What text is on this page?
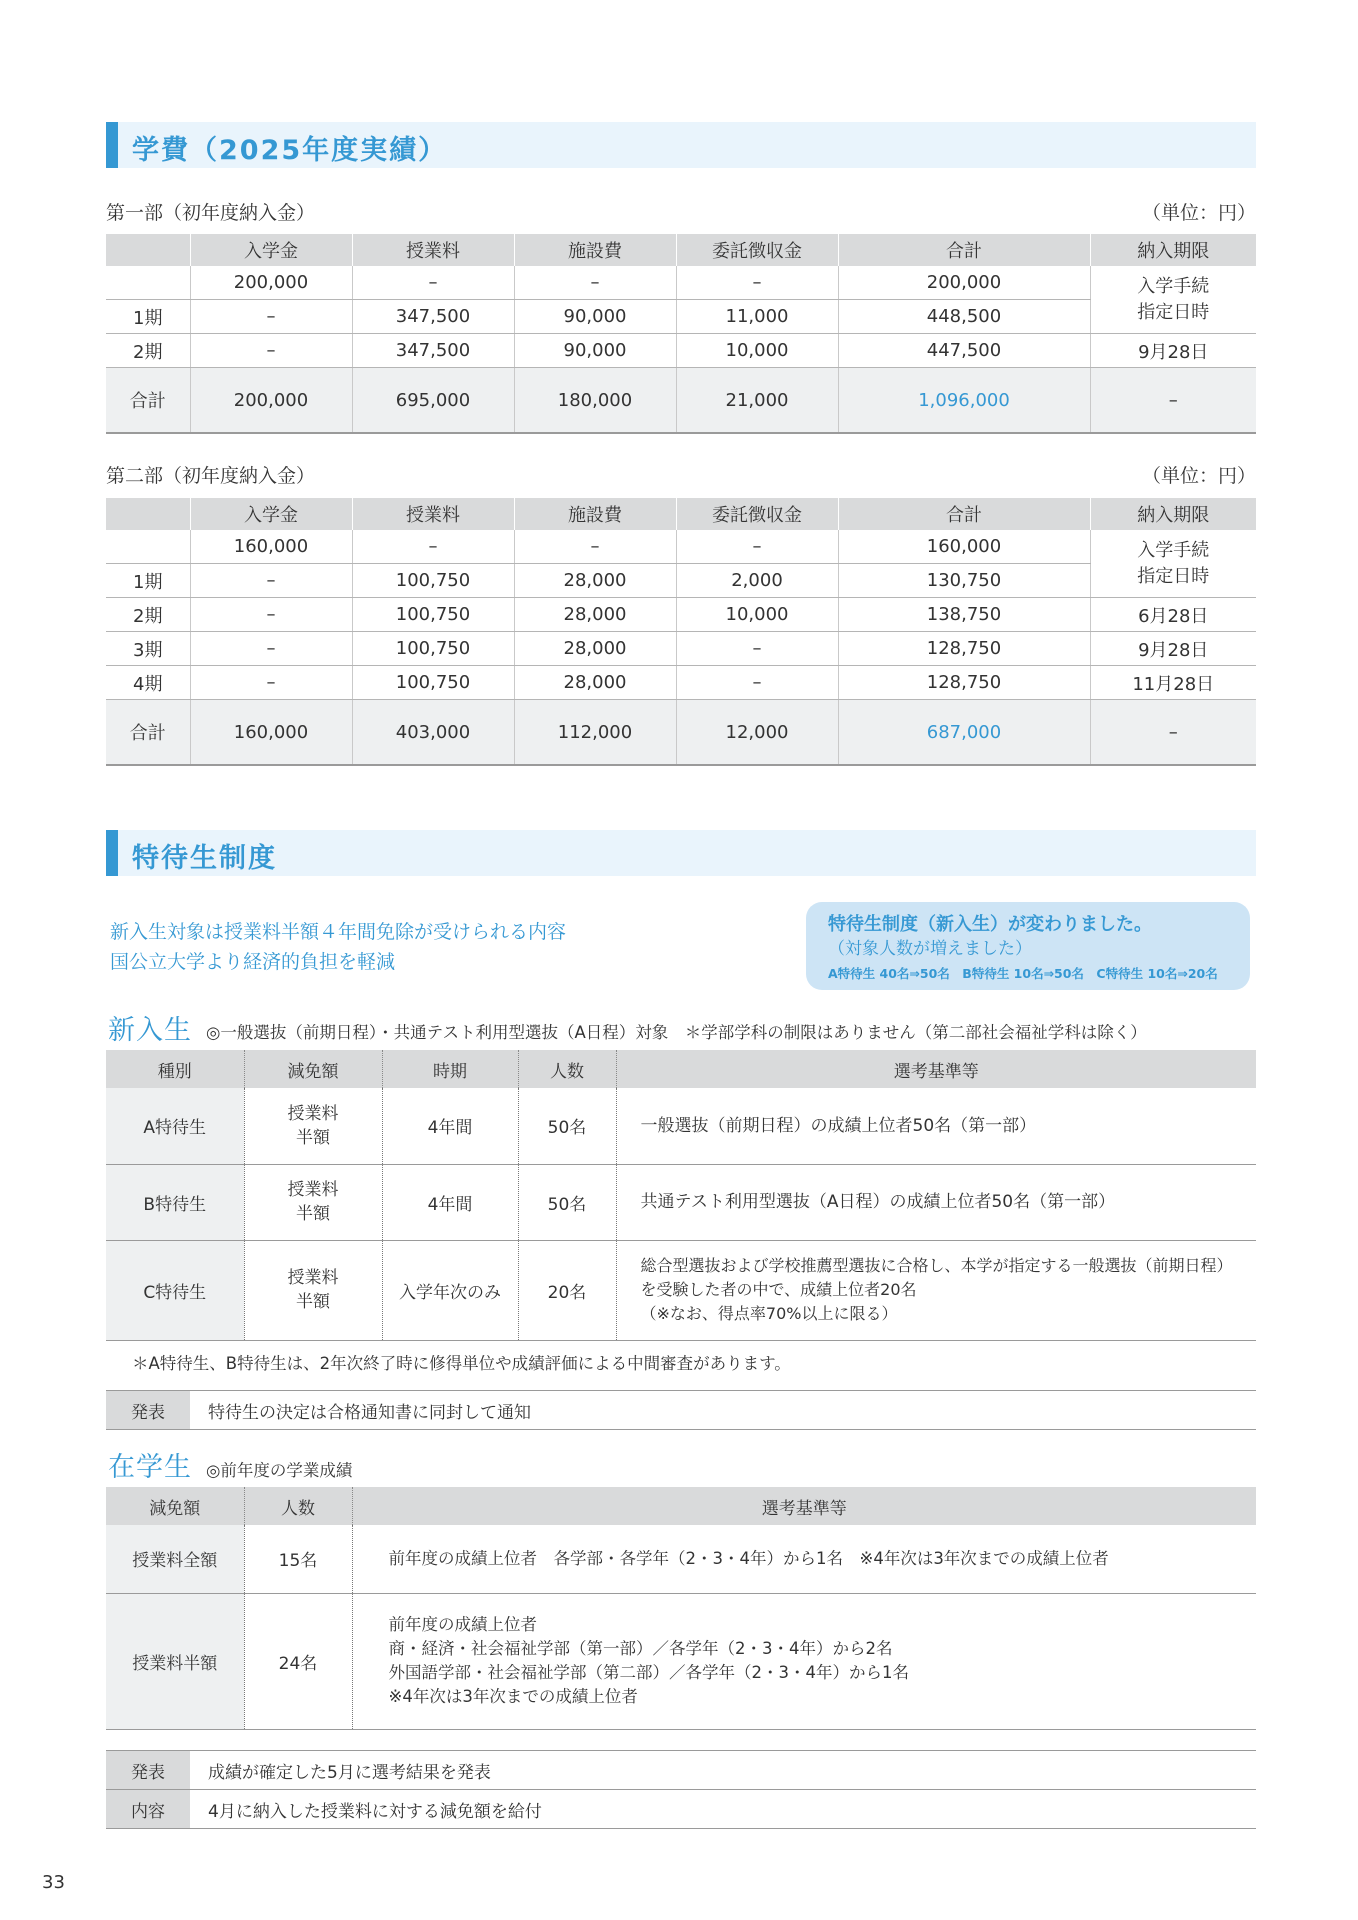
学費（2025年度実績）
第一部（初年度納入金）	（単位：円）
	入学金	授業料	施設費	委託徴収金	合計	納入期限
	200,000	–	–	–	200,000	入学手続
指定日時
1期	–	347,500	90,000	11,000	448,500	
2期	–	347,500	90,000	10,000	447,500	9月28日
合計	200,000	695,000	180,000	21,000	1,096,000	–
第二部（初年度納入金）	（単位：円）
	入学金	授業料	施設費	委託徴収金	合計	納入期限
	160,000	–	–	–	160,000	入学手続
指定日時
1期	–	100,750	28,000	2,000	130,750	
2期	–	100,750	28,000	10,000	138,750	6月28日
3期	–	100,750	28,000	–	128,750	9月28日
4期	–	100,750	28,000	–	128,750	11月28日
合計	160,000	403,000	112,000	12,000	687,000	–
特待生制度
新入生対象は授業料半額４年間免除が受けられる内容
国公立大学より経済的負担を軽減
特待生制度（新入生）が変わりました。
（対象人数が増えました）
A特待生 40名⇒50名　B特待生 10名⇒50名　C特待生 10名⇒20名
新入生 ◎一般選抜（前期日程）・共通テスト利用型選抜（A日程）対象　＊学部学科の制限はありません（第二部社会福祉学科は除く）
種別	減免額	時期	人数	選考基準等
A特待生	授業料
半額	4年間	50名	一般選抜（前期日程）の成績上位者50名（第一部）
B特待生	授業料
半額	4年間	50名	共通テスト利用型選抜（A日程）の成績上位者50名（第一部）
C特待生	授業料
半額	入学年次のみ	20名	総合型選抜および学校推薦型選抜に合格し、本学が指定する一般選抜（前期日程）
を受験した者の中で、成績上位者20名
（※なお、得点率70%以上に限る）
＊A特待生、B特待生は、2年次終了時に修得単位や成績評価による中間審査があります。
発表	特待生の決定は合格通知書に同封して通知
在学生 ◎前年度の学業成績
減免額	人数	選考基準等
授業料全額	15名	前年度の成績上位者　各学部・各学年（2・3・4年）から1名　※4年次は3年次までの成績上位者
授業料半額	24名	前年度の成績上位者
商・経済・社会福祉学部（第一部）／各学年（2・3・4年）から2名
外国語学部・社会福祉学部（第二部）／各学年（2・3・4年）から1名
※4年次は3年次までの成績上位者
発表	成績が確定した5月に選考結果を発表
内容	4月に納入した授業料に対する減免額を給付
33
